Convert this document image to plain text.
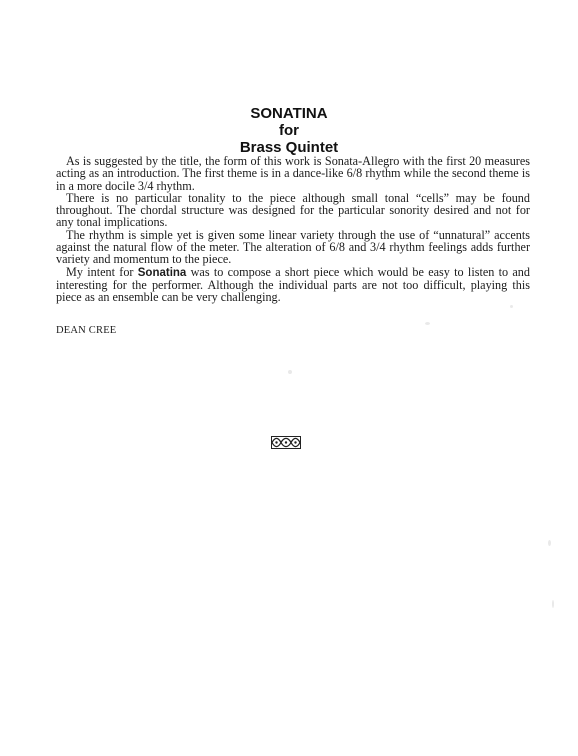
SONATINA
for
Brass Quintet

As is suggested by the title, the form of this work is Sonata-Allegro with the first 20 measures acting as an introduction. The first theme is in a dance-like 6/8 rhythm while the second theme is in a more docile 3/4 rhythm.

There is no particular tonality to the piece although small tonal “cells” may be found throughout. The chordal structure was designed for the particular sonority desired and not for any tonal implications.

The rhythm is simple yet is given some linear variety through the use of “unnatural” accents against the natural flow of the meter. The alteration of 6/8 and 3/4 rhythm feelings adds further variety and momentum to the piece.

My intent for Sonatina was to compose a short piece which would be easy to listen to and interesting for the performer. Although the individual parts are not too difficult, playing this piece as an ensemble can be very challenging.

DEAN CREE
